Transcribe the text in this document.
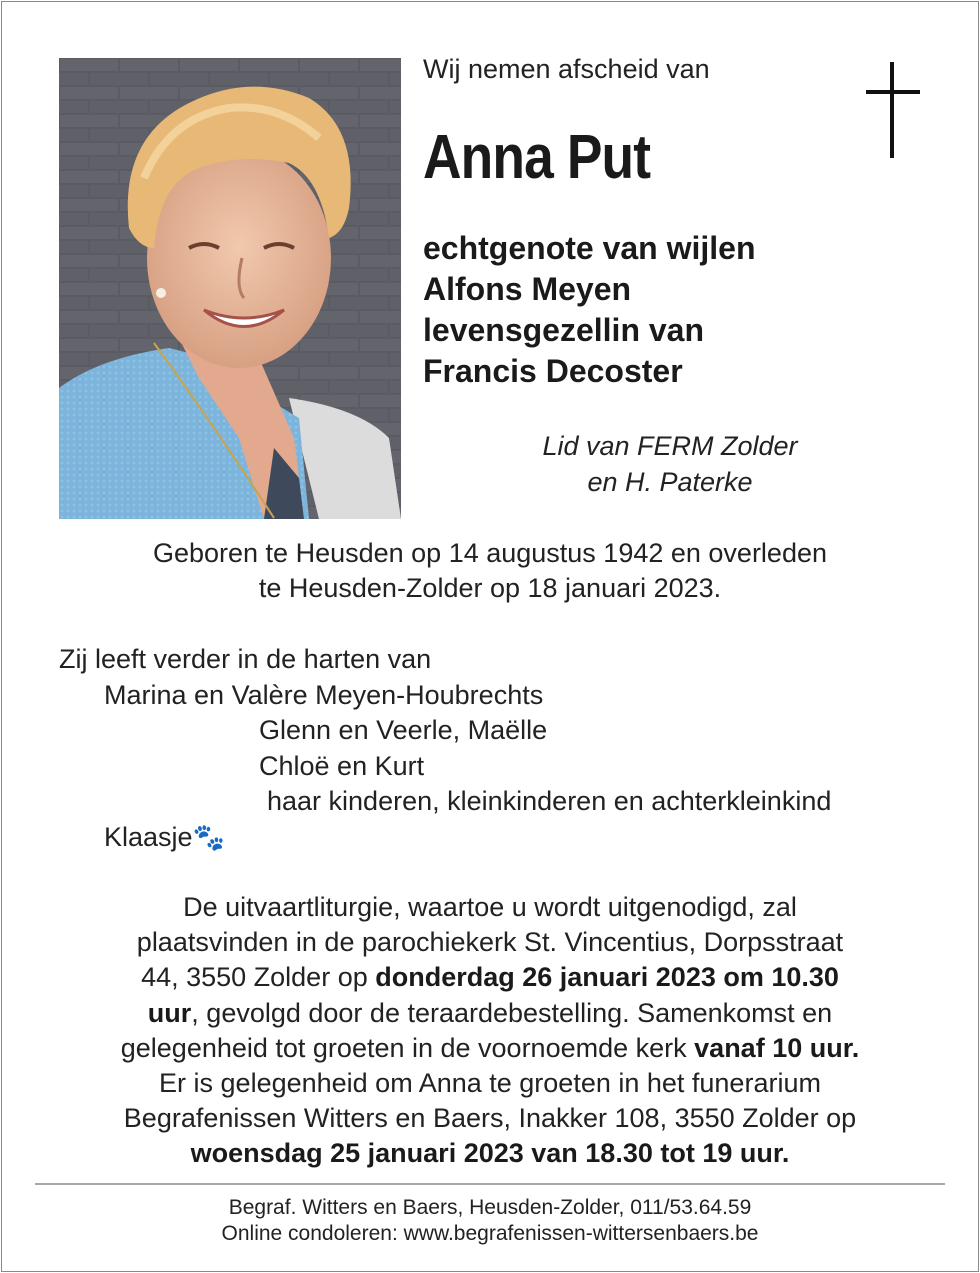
Wij nemen afscheid van
Anna Put
echtgenote van wijlen
Alfons Meyen
levensgezellin van
Francis Decoster
Lid van FERM Zolder
en H. Paterke
Geboren te Heusden op 14 augustus 1942 en overleden
te Heusden-Zolder op 18 januari 2023.
Zij leeft verder in de harten van
Marina en Valère Meyen-Houbrechts
Glenn en Veerle, Maëlle
Chloë en Kurt
haar kinderen, kleinkinderen en achterkleinkind
Klaasje🐾
De uitvaartliturgie, waartoe u wordt uitgenodigd, zal
plaatsvinden in de parochiekerk St. Vincentius, Dorpsstraat
44, 3550 Zolder op donderdag 26 januari 2023 om 10.30
uur, gevolgd door de teraardebestelling. Samenkomst en
gelegenheid tot groeten in de voornoemde kerk vanaf 10 uur.
Er is gelegenheid om Anna te groeten in het funerarium
Begrafenissen Witters en Baers, Inakker 108, 3550 Zolder op
woensdag 25 januari 2023 van 18.30 tot 19 uur.
Begraf. Witters en Baers, Heusden-Zolder, 011/53.64.59
Online condoleren: www.begrafenissen-wittersenbaers.be
